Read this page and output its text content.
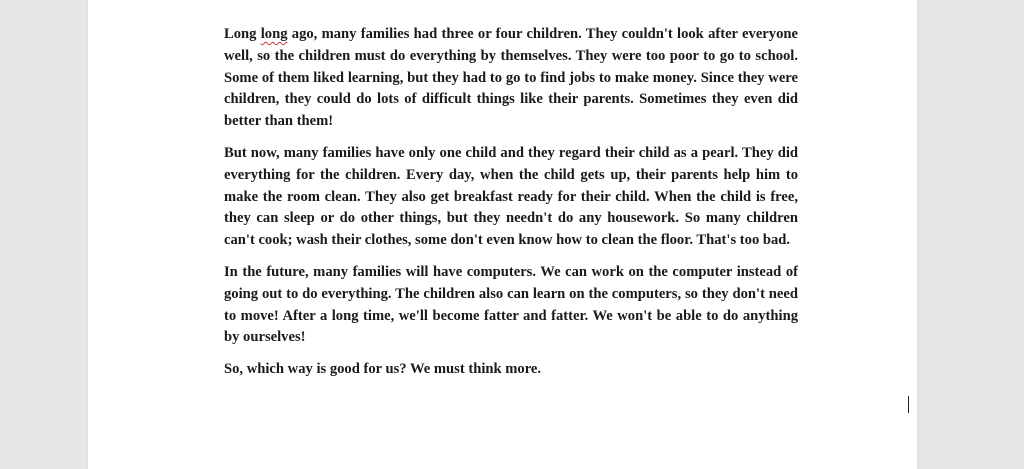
Long long ago, many families had three or four children. They couldn't look after everyone well, so the children must do everything by themselves. They were too poor to go to school. Some of them liked learning, but they had to go to find jobs to make money. Since they were children, they could do lots of difficult things like their parents. Sometimes they even did better than them!

But now, many families have only one child and they regard their child as a pearl. They did everything for the children. Every day, when the child gets up, their parents help him to make the room clean. They also get breakfast ready for their child. When the child is free, they can sleep or do other things, but they needn't do any housework. So many children can't cook; wash their clothes, some don't even know how to clean the floor. That's too bad.

In the future, many families will have computers. We can work on the computer instead of going out to do everything. The children also can learn on the computers, so they don't need to move! After a long time, we'll become fatter and fatter. We won't be able to do anything by ourselves!

So, which way is good for us? We must think more.
